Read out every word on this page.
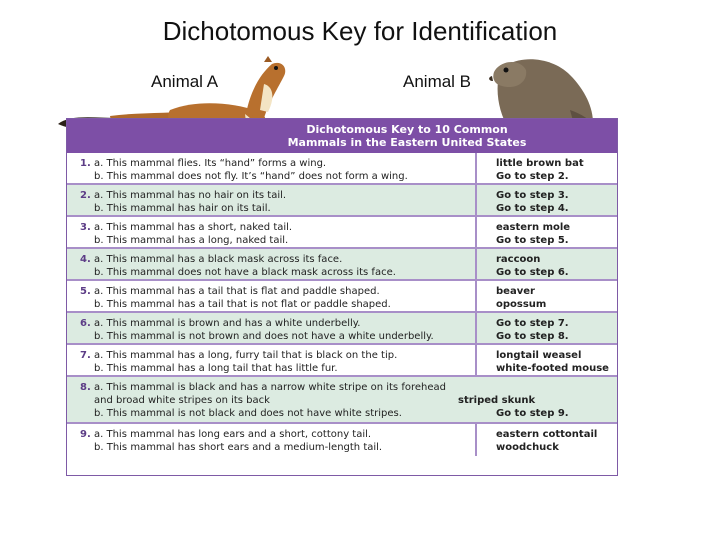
Dichotomous Key for Identification
Animal A	Animal B
Dichotomous Key to 10 Common
Mammals in the Eastern United States
1. a. This mammal flies. Its “hand” forms a wing.
b. This mammal does not fly. It’s “hand” does not form a wing.
little brown bat
Go to step 2.
2. a. This mammal has no hair on its tail.
b. This mammal has hair on its tail.
Go to step 3.
Go to step 4.
3. a. This mammal has a short, naked tail.
b. This mammal has a long, naked tail.
eastern mole
Go to step 5.
4. a. This mammal has a black mask across its face.
b. This mammal does not have a black mask across its face.
raccoon
Go to step 6.
5. a. This mammal has a tail that is flat and paddle shaped.
b. This mammal has a tail that is not flat or paddle shaped.
beaver
opossum
6. a. This mammal is brown and has a white underbelly.
b. This mammal is not brown and does not have a white underbelly.
Go to step 7.
Go to step 8.
7. a. This mammal has a long, furry tail that is black on the tip.
b. This mammal has a long tail that has little fur.
longtail weasel
white-footed mouse
8. a. This mammal is black and has a narrow white stripe on its forehead
and broad white stripes on its back
b. This mammal is not black and does not have white stripes.
striped skunk
Go to step 9.
9. a. This mammal has long ears and a short, cottony tail.
b. This mammal has short ears and a medium-length tail.
eastern cottontail
woodchuck
